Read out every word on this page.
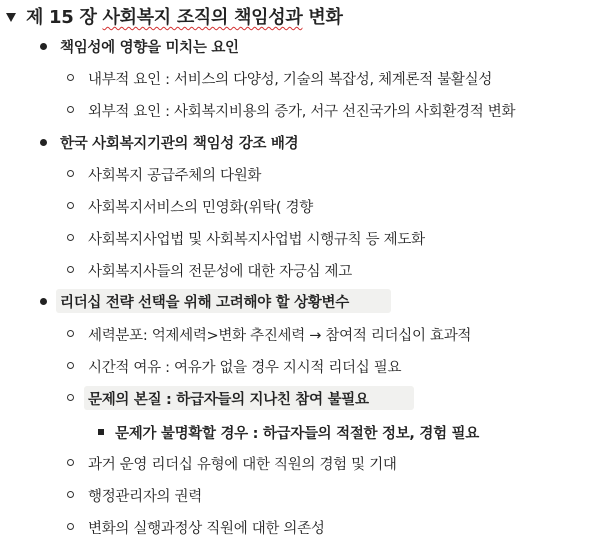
제 15 장 사회복지 조직의 책임성과 변화
책임성에 영향을 미치는 요인
내부적 요인 : 서비스의 다양성, 기술의 복잡성, 체계론적 불활실성
외부적 요인 : 사회복지비용의 증가, 서구 선진국가의 사회환경적 변화
한국 사회복지기관의 책임성 강조 배경
사회복지 공급주체의 다원화
사회복지서비스의 민영화(위탁( 경향
사회복지사업법 및 사회복지사업법 시행규칙 등 제도화
사회복지사들의 전문성에 대한 자긍심 제고
리더십 전략 선택을 위해 고려해야 할 상황변수
세력분포: 억제세력>변화 추진세력 → 참여적 리더십이 효과적
시간적 여유 : 여유가 없을 경우 지시적 리더십 필요
문제의 본질 : 하급자들의 지나친 참여 불필요
문제가 불명확할 경우 : 하급자들의 적절한 정보, 경험 필요
과거 운영 리더십 유형에 대한 직원의 경험 및 기대
행정관리자의 권력
변화의 실행과정상 직원에 대한 의존성
